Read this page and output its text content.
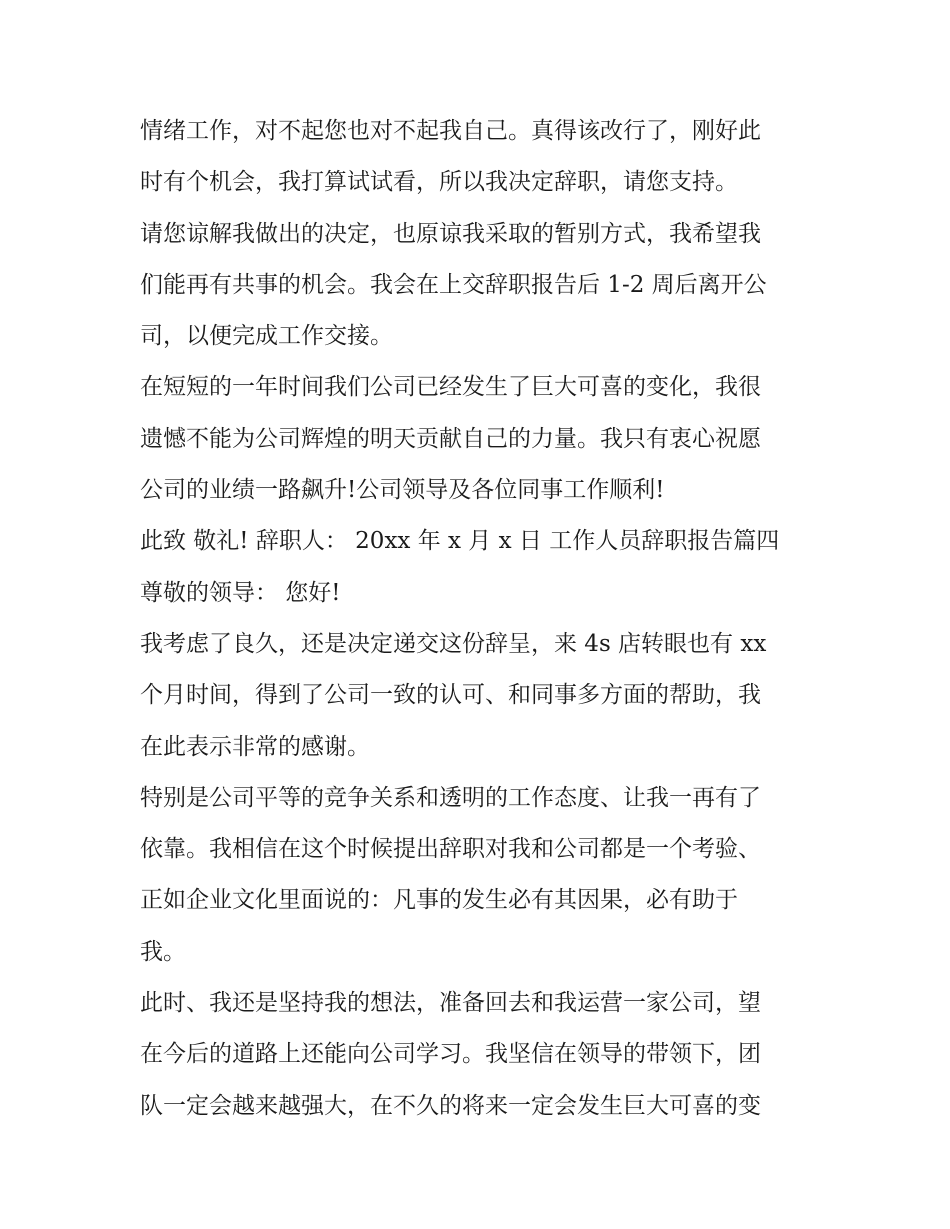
情绪工作，对不起您也对不起我自己。真得该改行了，刚好此
时有个机会，我打算试试看，所以我决定辞职，请您支持。
请您谅解我做出的决定，也原谅我采取的暂别方式，我希望我
们能再有共事的机会。我会在上交辞职报告后 1-2 周后离开公
司，以便完成工作交接。
在短短的一年时间我们公司已经发生了巨大可喜的变化，我很
遗憾不能为公司辉煌的明天贡献自己的力量。我只有衷心祝愿
公司的业绩一路飙升!公司领导及各位同事工作顺利!
此致 敬礼! 辞职人： 20xx 年 x 月 x 日 工作人员辞职报告篇四
尊敬的领导： 您好!
我考虑了良久，还是决定递交这份辞呈，来 4s 店转眼也有 xx
个月时间，得到了公司一致的认可、和同事多方面的帮助，我
在此表示非常的感谢。
特别是公司平等的竞争关系和透明的工作态度、让我一再有了
依靠。我相信在这个时候提出辞职对我和公司都是一个考验、
正如企业文化里面说的：凡事的发生必有其因果，必有助于
我。
此时、我还是坚持我的想法，准备回去和我运营一家公司，望
在今后的道路上还能向公司学习。我坚信在领导的带领下，团
队一定会越来越强大，在不久的将来一定会发生巨大可喜的变
